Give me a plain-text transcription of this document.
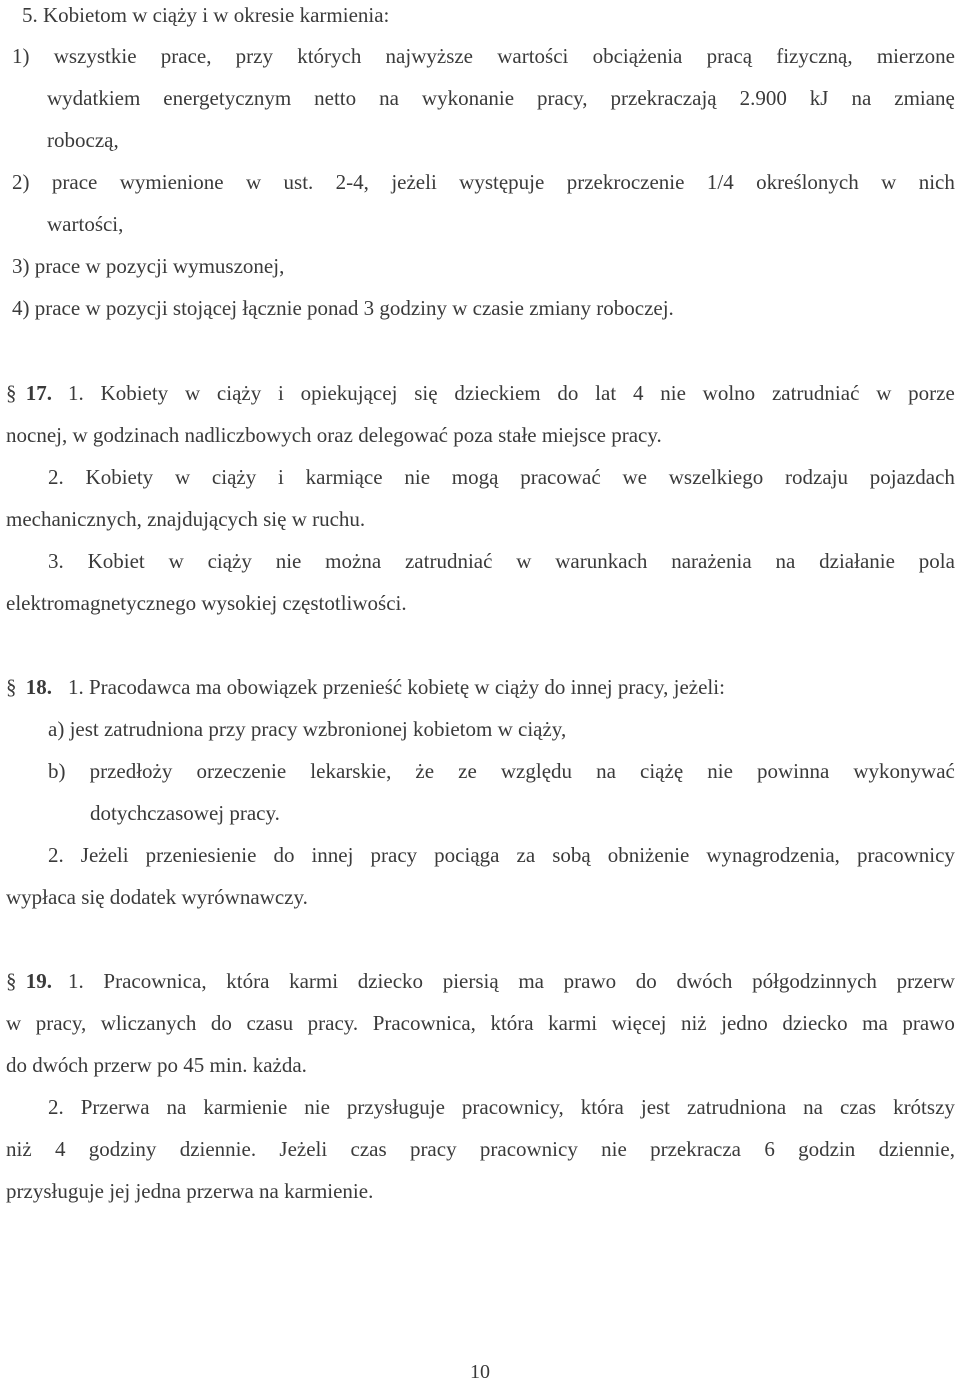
5. Kobietom w ciąży i w okresie karmienia:
1) wszystkie prace, przy których najwyższe wartości obciążenia pracą fizyczną, mierzone
wydatkiem energetycznym netto na wykonanie pracy, przekraczają 2.900 kJ na zmianę
roboczą,
2) prace wymienione w ust. 2-4, jeżeli występuje przekroczenie 1/4 określonych w nich
wartości,
3) prace w pozycji wymuszonej,
4) prace w pozycji stojącej łącznie ponad 3 godziny w czasie zmiany roboczej.
§ 17. 1. Kobiety w ciąży i opiekującej się dzieckiem do lat 4 nie wolno zatrudniać w porze
nocnej, w godzinach nadliczbowych oraz delegować poza stałe miejsce pracy.
2. Kobiety w ciąży i karmiące nie mogą pracować we wszelkiego rodzaju pojazdach
mechanicznych, znajdujących się w ruchu.
3. Kobiet w ciąży nie można zatrudniać w warunkach narażenia na działanie pola
elektromagnetycznego wysokiej częstotliwości.
§ 18. 1. Pracodawca ma obowiązek przenieść kobietę w ciąży do innej pracy, jeżeli:
a) jest zatrudniona przy pracy wzbronionej kobietom w ciąży,
b) przedłoży orzeczenie lekarskie, że ze względu na ciążę nie powinna wykonywać
dotychczasowej pracy.
2. Jeżeli przeniesienie do innej pracy pociąga za sobą obniżenie wynagrodzenia, pracownicy
wypłaca się dodatek wyrównawczy.
§ 19. 1. Pracownica, która karmi dziecko piersią ma prawo do dwóch półgodzinnych przerw
w pracy, wliczanych do czasu pracy. Pracownica, która karmi więcej niż jedno dziecko ma prawo
do dwóch przerw po 45 min. każda.
2. Przerwa na karmienie nie przysługuje pracownicy, która jest zatrudniona na czas krótszy
niż 4 godziny dziennie. Jeżeli czas pracy pracownicy nie przekracza 6 godzin dziennie,
przysługuje jej jedna przerwa na karmienie.
10
